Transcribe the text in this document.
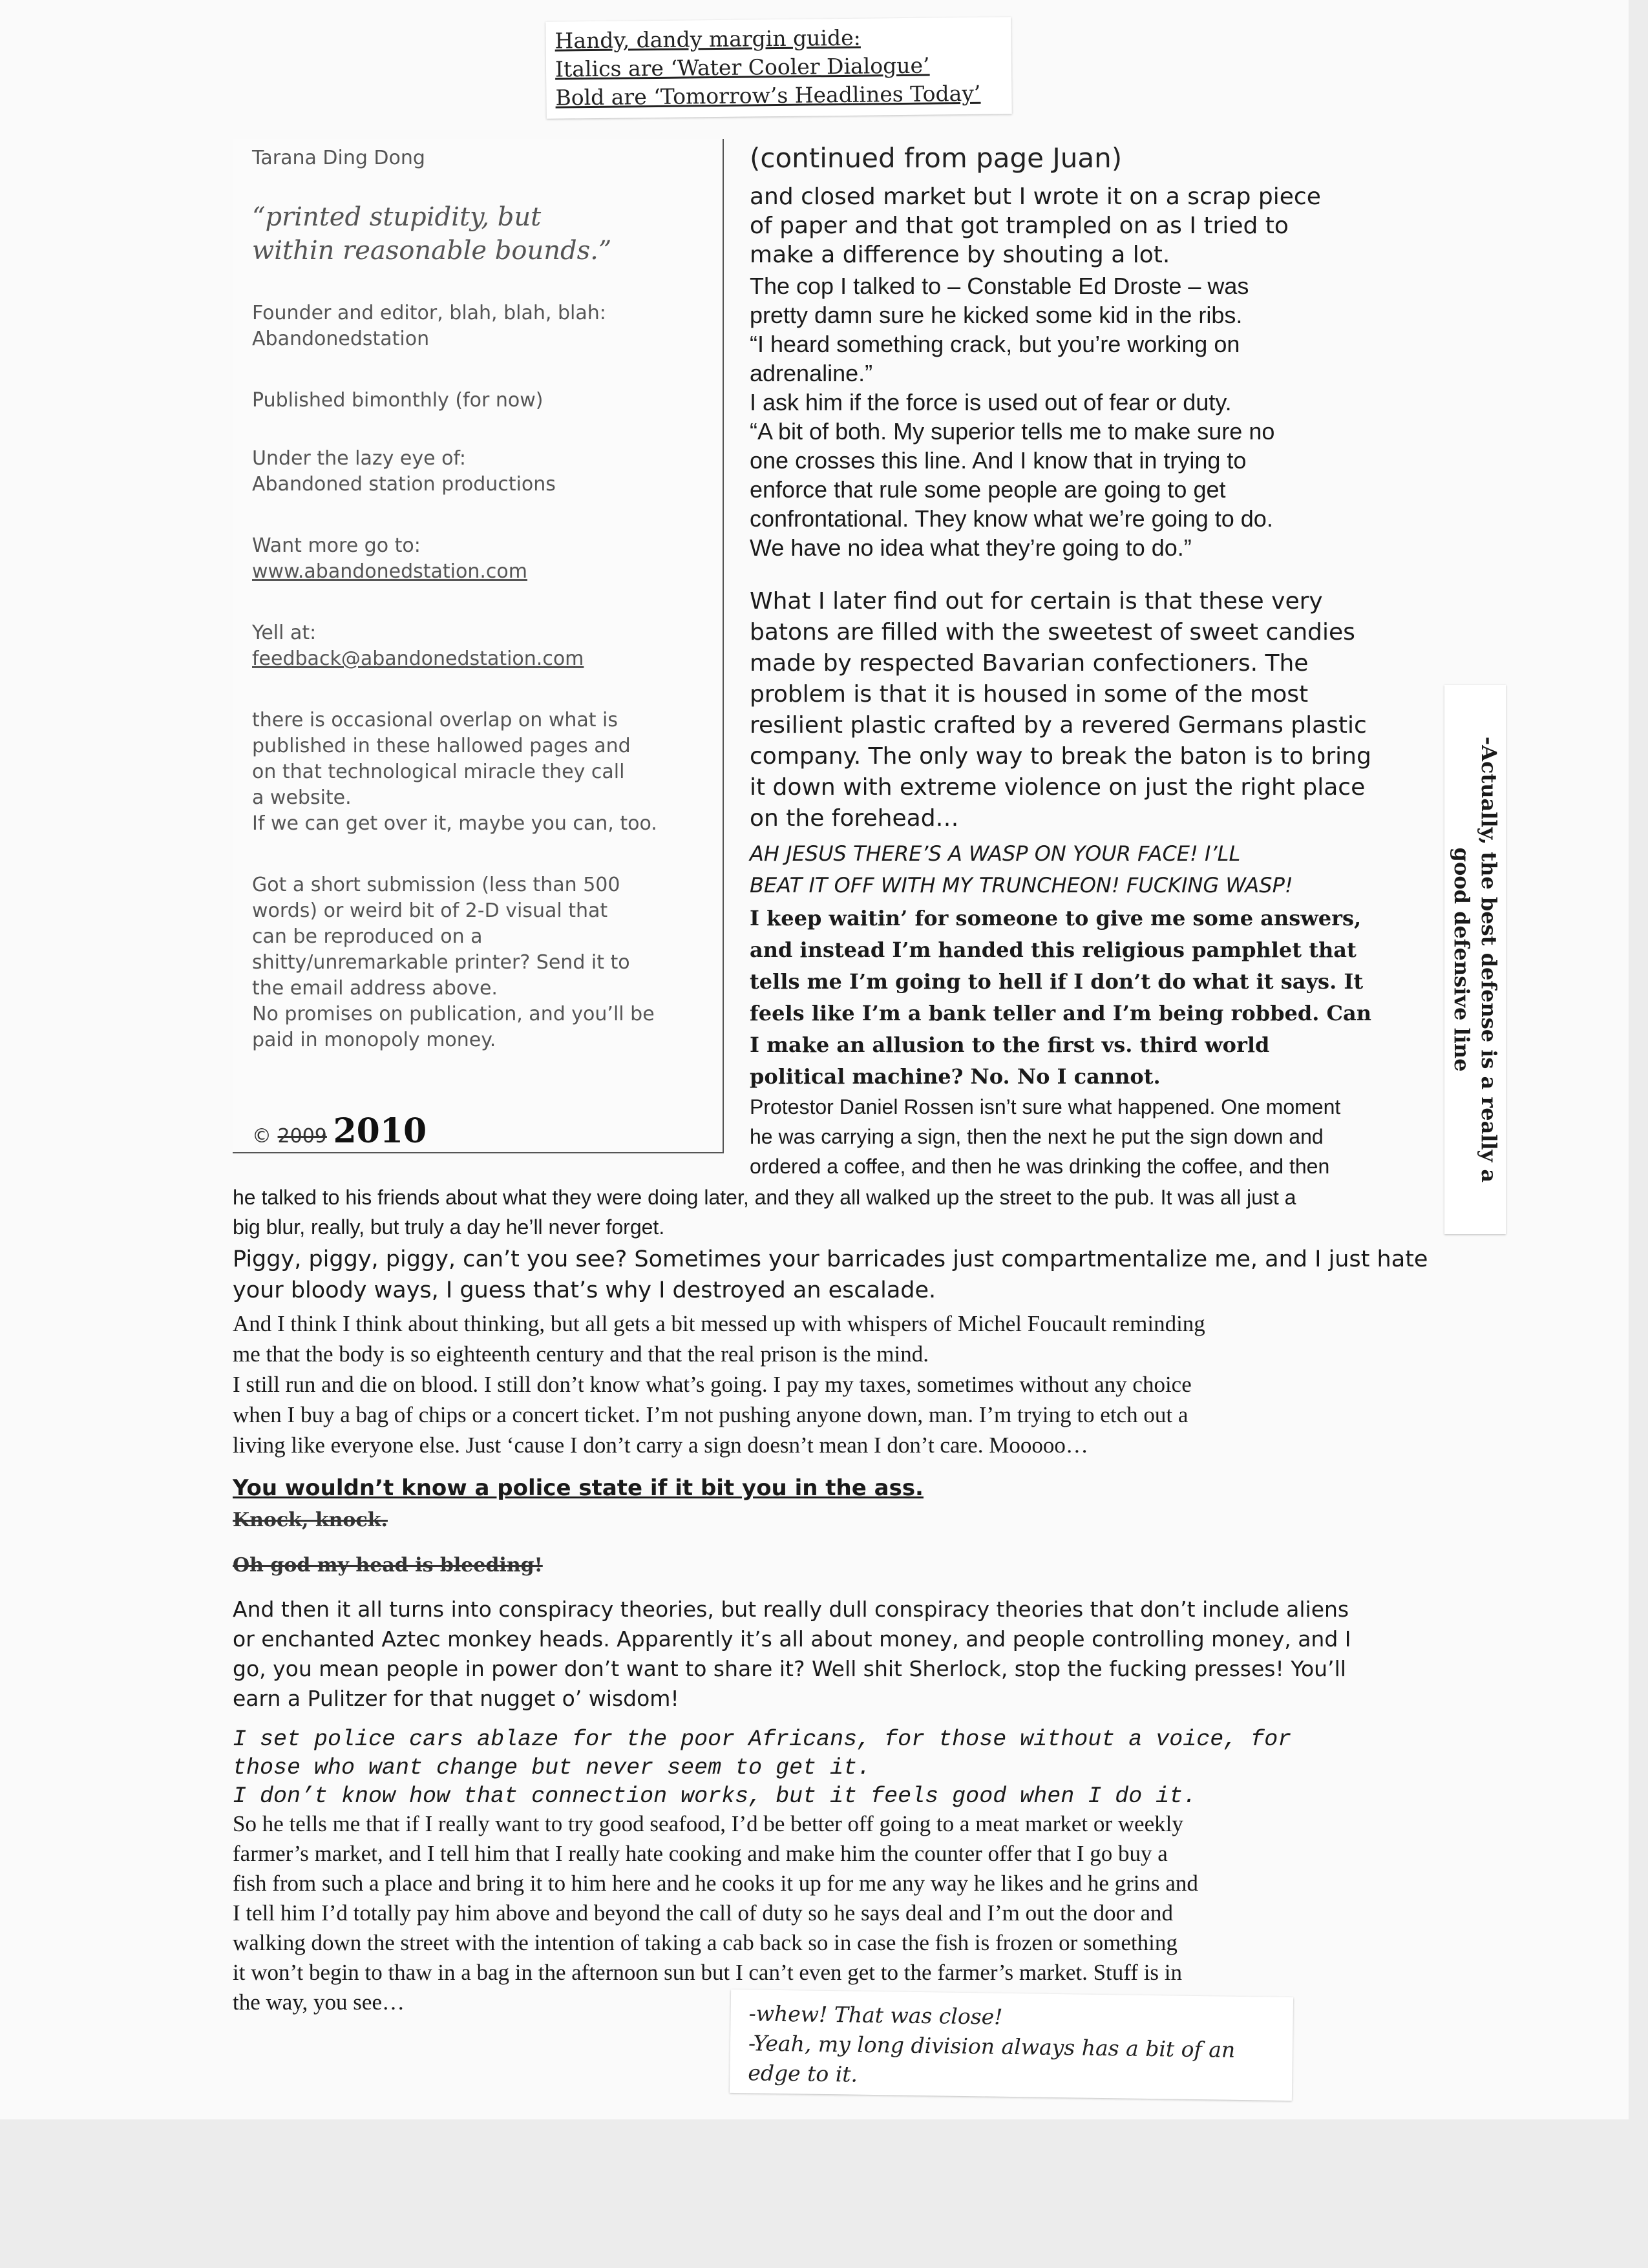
Handy, dandy margin guide:
Italics are ‘Water Cooler Dialogue’
Bold are ‘Tomorrow’s Headlines Today’
Tarana Ding Dong
“printed stupidity, but
within reasonable bounds.”
Founder and editor, blah, blah, blah:
Abandonedstation
Published bimonthly (for now)
Under the lazy eye of:
Abandoned station productions
Want more go to:
www.abandonedstation.com
Yell at:
feedback@abandonedstation.com
there is occasional overlap on what is
published in these hallowed pages and
on that technological miracle they call
a website.
If we can get over it, maybe you can, too.
Got a short submission (less than 500
words) or weird bit of 2-D visual that
can be reproduced on a
shitty/unremarkable printer? Send it to
the email address above.
No promises on publication, and you’ll be
paid in monopoly money.
© 2009 2010
(continued from page Juan)
and closed market but I wrote it on a scrap piece
of paper and that got trampled on as I tried to
make a difference by shouting a lot.
The cop I talked to – Constable Ed Droste – was
pretty damn sure he kicked some kid in the ribs.
“I heard something crack, but you’re working on
adrenaline.”
I ask him if the force is used out of fear or duty.
“A bit of both. My superior tells me to make sure no
one crosses this line. And I know that in trying to
enforce that rule some people are going to get
confrontational. They know what we’re going to do.
We have no idea what they’re going to do.”
What I later find out for certain is that these very
batons are filled with the sweetest of sweet candies
made by respected Bavarian confectioners. The
problem is that it is housed in some of the most
resilient plastic crafted by a revered Germans plastic
company. The only way to break the baton is to bring
it down with extreme violence on just the right place
on the forehead…
AH JESUS THERE’S A WASP ON YOUR FACE! I’LL
BEAT IT OFF WITH MY TRUNCHEON! FUCKING WASP!
I keep waitin’ for someone to give me some answers,
and instead I’m handed this religious pamphlet that
tells me I’m going to hell if I don’t do what it says. It
feels like I’m a bank teller and I’m being robbed. Can
I make an allusion to the first vs. third world
political machine? No. No I cannot.
Protestor Daniel Rossen isn’t sure what happened. One moment
he was carrying a sign, then the next he put the sign down and
ordered a coffee, and then he was drinking the coffee, and then	-Actually, the best defense is a really a
good defensive line
he talked to his friends about what they were doing later, and they all walked up the street to the pub. It was all just a
big blur, really, but truly a day he’ll never forget.
Piggy, piggy, piggy, can’t you see? Sometimes your barricades just compartmentalize me, and I just hate
your bloody ways, I guess that’s why I destroyed an escalade.
And I think I think about thinking, but all gets a bit messed up with whispers of Michel Foucault reminding
me that the body is so eighteenth century and that the real prison is the mind.
I still run and die on blood. I still don’t know what’s going. I pay my taxes, sometimes without any choice
when I buy a bag of chips or a concert ticket. I’m not pushing anyone down, man. I’m trying to etch out a
living like everyone else. Just ‘cause I don’t carry a sign doesn’t mean I don’t care. Mooooo…
You wouldn’t know a police state if it bit you in the ass.
Knock, knock.
Oh god my head is bleeding!
And then it all turns into conspiracy theories, but really dull conspiracy theories that don’t include aliens
or enchanted Aztec monkey heads. Apparently it’s all about money, and people controlling money, and I
go, you mean people in power don’t want to share it? Well shit Sherlock, stop the fucking presses! You’ll
earn a Pulitzer for that nugget o’ wisdom!
I set police cars ablaze for the poor Africans, for those without a voice, for
those who want change but never seem to get it.
I don’t know how that connection works, but it feels good when I do it.
So he tells me that if I really want to try good seafood, I’d be better off going to a meat market or weekly
farmer’s market, and I tell him that I really hate cooking and make him the counter offer that I go buy a
fish from such a place and bring it to him here and he cooks it up for me any way he likes and he grins and
I tell him I’d totally pay him above and beyond the call of duty so he says deal and I’m out the door and
walking down the street with the intention of taking a cab back so in case the fish is frozen or something
it won’t begin to thaw in a bag in the afternoon sun but I can’t even get to the farmer’s market. Stuff is in
the way, you see…	-whew! That was close!
-Yeah, my long division always has a bit of an
edge to it.
